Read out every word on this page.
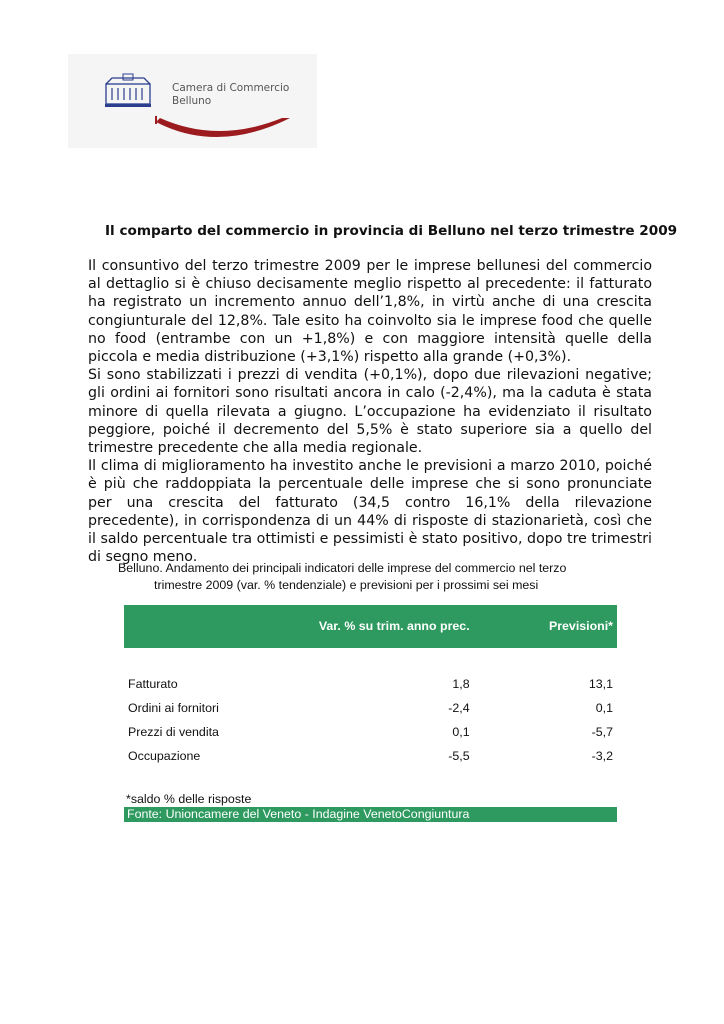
Camera di Commercio
Belluno
Il comparto del commercio in provincia di Belluno nel terzo trimestre 2009

Il consuntivo del terzo trimestre 2009 per le imprese bellunesi del commercio al dettaglio si è chiuso decisamente meglio rispetto al precedente: il fatturato ha registrato un incremento annuo dell’1,8%, in virtù anche di una crescita congiunturale del 12,8%. Tale esito ha coinvolto sia le imprese food che quelle no food (entrambe con un +1,8%) e con maggiore intensità quelle della piccola e media distribuzione (+3,1%) rispetto alla grande (+0,3%).

Si sono stabilizzati i prezzi di vendita (+0,1%), dopo due rilevazioni negative; gli ordini ai fornitori sono risultati ancora in calo (-2,4%), ma la caduta è stata minore di quella rilevata a giugno. L’occupazione ha evidenziato il risultato peggiore, poiché il decremento del 5,5% è stato superiore sia a quello del trimestre precedente che alla media regionale.

Il clima di miglioramento ha investito anche le previsioni a marzo 2010, poiché è più che raddoppiata la percentuale delle imprese che si sono pronunciate per una crescita del fatturato (34,5 contro 16,1% della rilevazione precedente), in corrispondenza di un 44% di risposte di stazionarietà, così che il saldo percentuale tra ottimisti e pessimisti è stato positivo, dopo tre trimestri di segno meno.

Belluno. Andamento dei principali indicatori delle imprese del commercio nel terzo
trimestre 2009 (var. % tendenziale) e previsioni per i prossimi sei mesi
	Var. % su trim. anno prec.	Previsioni*

Fatturato	1,8	13,1
Ordini ai fornitori	-2,4	0,1
Prezzi di vendita	0,1	-5,7
Occupazione	-5,5	-3,2
*saldo % delle risposte
Fonte: Unioncamere del Veneto - Indagine VenetoCongiuntura
